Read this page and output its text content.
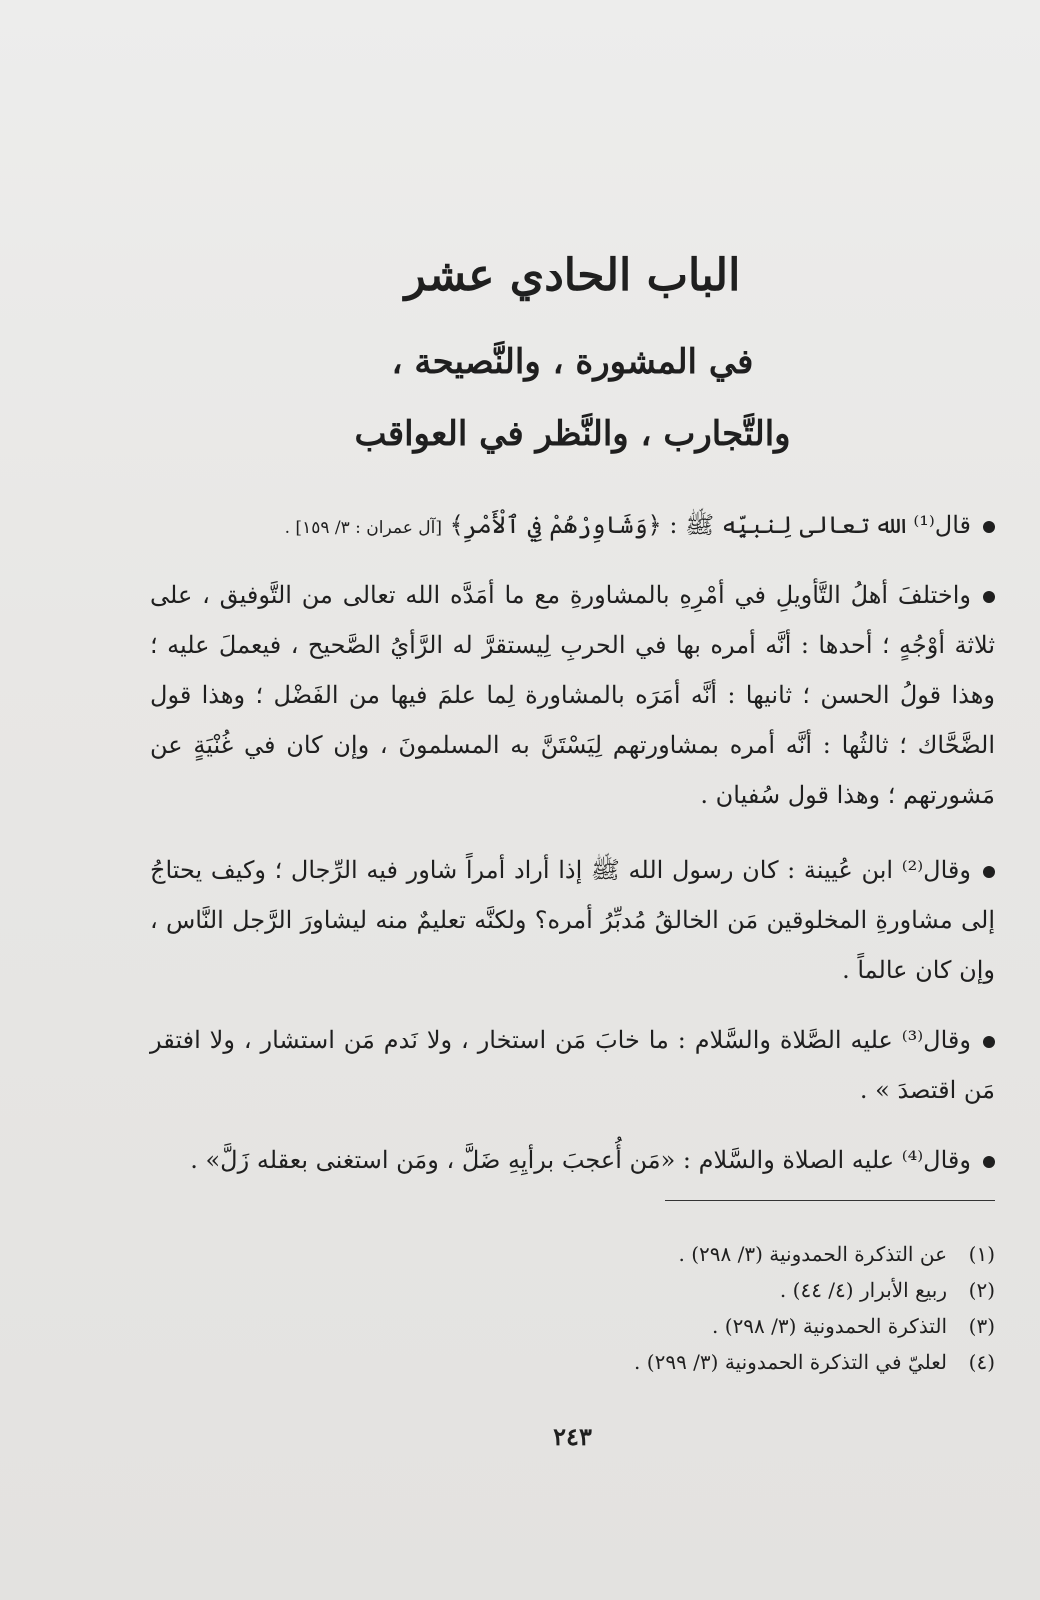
الباب الحادي عشر
في المشورة ، والنَّصيحة ،
والتَّجارب ، والنَّظر في العواقب
قال⁽¹⁾ الله تعالى لِنبيِّه ﷺ : ﴿وَشَاوِرْهُمْ فِي ٱلْأَمْرِ﴾ [آل عمران : ٣/ ١٥٩] .
واختلفَ أهلُ التَّأويلِ في أمْرِهِ بالمشاورةِ مع ما أمَدَّه الله تعالى من التَّوفيق ، على ثلاثة أوْجُهٍ ؛ أحدها : أنَّه أمره بها في الحربِ لِيستقرَّ له الرَّأيُ الصَّحيح ، فيعملَ عليه ؛ وهذا قولُ الحسن ؛ ثانيها : أنَّه أمَرَه بالمشاورة لِما علمَ فيها من الفَضْل ؛ وهذا قول الضَّحَّاك ؛ ثالثُها : أنَّه أمره بمشاورتهم لِيَسْتَنَّ به المسلمونَ ، وإن كان في غُنْيَةٍ عن مَشورتهم ؛ وهذا قول سُفيان .
وقال⁽²⁾ ابن عُيينة : كان رسول الله ﷺ إذا أراد أمراً شاور فيه الرِّجال ؛ وكيف يحتاجُ إلى مشاورةِ المخلوقين مَن الخالقُ مُدبِّرُ أمره؟ ولكنَّه تعليمٌ منه ليشاورَ الرَّجل النَّاس ، وإن كان عالماً .
وقال⁽³⁾ عليه الصَّلاة والسَّلام : ما خابَ مَن استخار ، ولا نَدم مَن استشار ، ولا افتقر مَن اقتصدَ » .
وقال⁽⁴⁾ عليه الصلاة والسَّلام : «مَن أُعجبَ برأيِهِ ضَلَّ ، ومَن استغنى بعقله زَلَّ» .
(١)عن التذكرة الحمدونية (٣/ ٢٩٨) .
(٢)ربيع الأبرار (٤/ ٤٤) .
(٣)التذكرة الحمدونية (٣/ ٢٩٨) .
(٤)لعليّ في التذكرة الحمدونية (٣/ ٢٩٩) .
٢٤٣
